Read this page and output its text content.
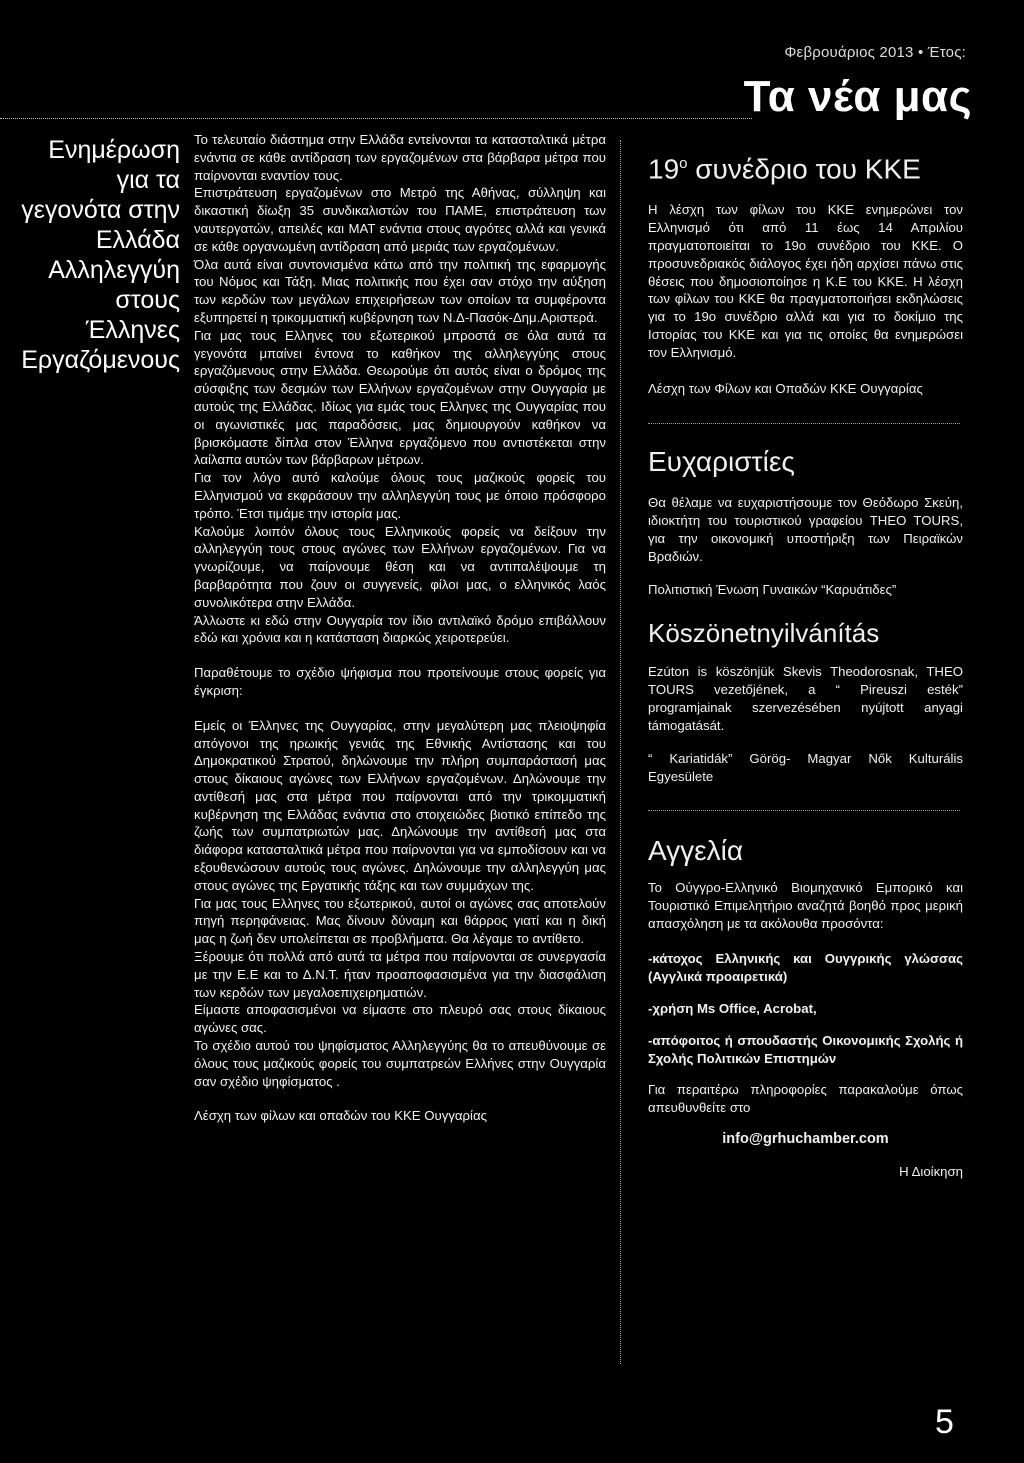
Φεβρουάριος 2013 • Έτος:
Τα νέα μας
Ενημέρωση
για τα
γεγονότα στην
Ελλάδα
Αλληλεγγύη
στους
Έλληνες
Εργαζόμενους

Το τελευταίο διάστημα στην Ελλάδα εντείνονται τα κατασταλτικά μέτρα ενάντια σε κάθε αντίδραση των εργαζομένων στα βάρβαρα μέτρα που παίρνονται εναντίον τους.

Επιστράτευση εργαζομένων στο Μετρό της Αθήνας, σύλληψη και δικαστική δίωξη 35 συνδικαλιστών του ΠΑΜΕ, επιστράτευση των ναυτεργατών, απειλές και ΜΑΤ ενάντια στους αγρότες αλλά και γενικά σε κάθε οργανωμένη αντίδραση από μεριάς των εργαζομένων.

Όλα αυτά είναι συντονισμένα κάτω από την πολιτική της εφαρμογής του Νόμος και Τάξη. Μιας πολιτικής που έχει σαν στόχο την αύξηση των κερδών των μεγάλων επιχειρήσεων των οποίων τα συμφέροντα εξυπηρετεί η τρικομματική κυβέρνηση των Ν.Δ-Πασόκ-Δημ.Αριστερά.

Για μας τους Ελληνες του εξωτερικού μπροστά σε όλα αυτά τα γεγονότα μπαίνει έντονα το καθήκον της αλληλεγγύης στους εργαζόμενους στην Ελλάδα. Θεωρούμε ότι αυτός είναι ο δρόμος της σύσφιξης των δεσμών των Ελλήνων εργαζομένων στην Ουγγαρία με αυτούς της Ελλάδας. Ιδίως για εμάς τους Ελληνες της Ουγγαρίας που οι αγωνιστικές μας παραδόσεις, μας δημιουργούν καθήκον να βρισκόμαστε δίπλα στον Έλληνα εργαζόμενο που αντιστέκεται στην λαίλαπα αυτών των βάρβαρων μέτρων.

Για τον λόγο αυτό καλούμε όλους τους μαζικούς φορείς του Ελληνισμού να εκφράσουν την αλληλεγγύη τους με όποιο πρόσφορο τρόπο. Έτσι τιμάμε την ιστορία μας.

Καλούμε λοιπόν όλους τους Ελληνικούς φορείς να δείξουν την αλληλεγγύη τους στους αγώνες των Ελλήνων εργαζομένων. Για να γνωρίζουμε, να παίρνουμε θέση και να αντιπαλέψουμε τη βαρβαρότητα που ζουν οι συγγενείς, φίλοι μας, ο ελληνικός λαός συνολικότερα στην Ελλάδα.

Άλλωστε κι εδώ στην Ουγγαρία τον ίδιο αντιλαϊκό δρόμο επιβάλλουν εδώ και χρόνια και η κατάσταση διαρκώς χειροτερεύει.

Παραθέτουμε το σχέδιο ψήφισμα που προτείνουμε στους φορείς για έγκριση:

Εμείς οι Έλληνες της Ουγγαρίας, στην μεγαλύτερη μας πλειοψηφία απόγονοι της ηρωικής γενιάς της Εθνικής Αντίστασης και του Δημοκρατικού Στρατού, δηλώνουμε την πλήρη συμπαράστασή μας στους δίκαιους αγώνες των Ελλήνων εργαζομένων. Δηλώνουμε την αντίθεσή μας στα μέτρα που παίρνονται από την τρικομματική κυβέρνηση της Ελλάδας ενάντια στο στοιχειώδες βιοτικό επίπεδο της ζωής των συμπατριωτών μας. Δηλώνουμε την αντίθεσή μας στα διάφορα κατασταλτικά μέτρα που παίρνονται για να εμποδίσουν και να εξουθενώσουν αυτούς τους αγώνες. Δηλώνουμε την αλληλεγγύη μας στους αγώνες της Εργατικής τάξης και των συμμάχων της.

Για μας τους Ελληνες του εξωτερικού, αυτοί οι αγώνες σας αποτελούν πηγή περηφάνειας. Μας δίνουν δύναμη και θάρρος γιατί και η δική μας η ζωή δεν υπολείπεται σε προβλήματα. Θα λέγαμε το αντίθετο.

Ξέρουμε ότι πολλά από αυτά τα μέτρα που παίρνονται σε συνεργασία με την Ε.Ε και το Δ.Ν.Τ. ήταν προαποφασισμένα για την διασφάλιση των κερδών των μεγαλοεπιχειρηματιών.

Είμαστε αποφασισμένοι να είμαστε στο πλευρό σας στους δίκαιους αγώνες σας.

Το σχέδιο αυτού του ψηφίσματος Αλληλεγγύης θα το απευθύνουμε σε όλους τους μαζικούς φορείς του συμπατρεών Ελλήνες στην Ουγγαρία σαν σχέδιο ψηφίσματος .

Λέσχη των φίλων και οπαδών του ΚΚΕ Ουγγαρίας

$19^o$ συνέδριο του ΚΚΕ

Η λέσχη των φίλων του ΚΚΕ ενημερώνει τον Ελληνισμό ότι από 11 έως 14 Απριλίου πραγματοποιείται το 19ο συνέδριο του ΚΚΕ. Ο προσυνεδριακός διάλογος έχει ήδη αρχίσει πάνω στις θέσεις που δημοσιοποίησε η Κ.Ε του ΚΚΕ. Η λέσχη των φίλων του ΚΚΕ θα πραγματοποιήσει εκδηλώσεις για το 19ο συνέδριο αλλά και για το δοκίμιο της Ιστορίας του ΚΚΕ και για τις οποίες θα ενημερώσει τον Ελληνισμό.

Λέσχη των Φίλων και Οπαδών ΚΚΕ Ουγγαρίας

Ευχαριστίες

Θα θέλαμε να ευχαριστήσουμε τον Θεόδωρο Σκεύη, ιδιοκτήτη του τουριστικού γραφείου THEO TOURS, για την οικονομική υποστήριξη των Πειραϊκών Βραδιών.

Πολιτιστική Ένωση Γυναικών “Καρυάτιδες”

Köszönetnyilvánítás

Ezúton is köszönjük Skevis Theodorosnak, THEO TOURS vezetőjének, a “ Pireuszi esték” programjainak szervezésében nyújtott anyagi támogatását.

“ Kariatidák” Görög- Magyar Nők Kulturális Egyesülete

Αγγελία

Το Ούγγρο-Ελληνικό Βιομηχανικό Εμπορικό και Τουριστικό Επιμελητήριο αναζητά βοηθό προς μερική απασχόληση με τα ακόλουθα προσόντα:

-κάτοχος Ελληνικής και Ουγγρικής γλώσσας (Αγγλικά προαιρετικά)

-χρήση Ms Office, Acrobat,

-απόφοιτος ή σπουδαστής Οικονομικής Σχολής ή Σχολής Πολιτικών Επιστημών

Για περαιτέρω πληροφορίες παρακαλούμε όπως απευθυνθείτε στο

info@grhuchamber.com

Η Διοίκηση

5
